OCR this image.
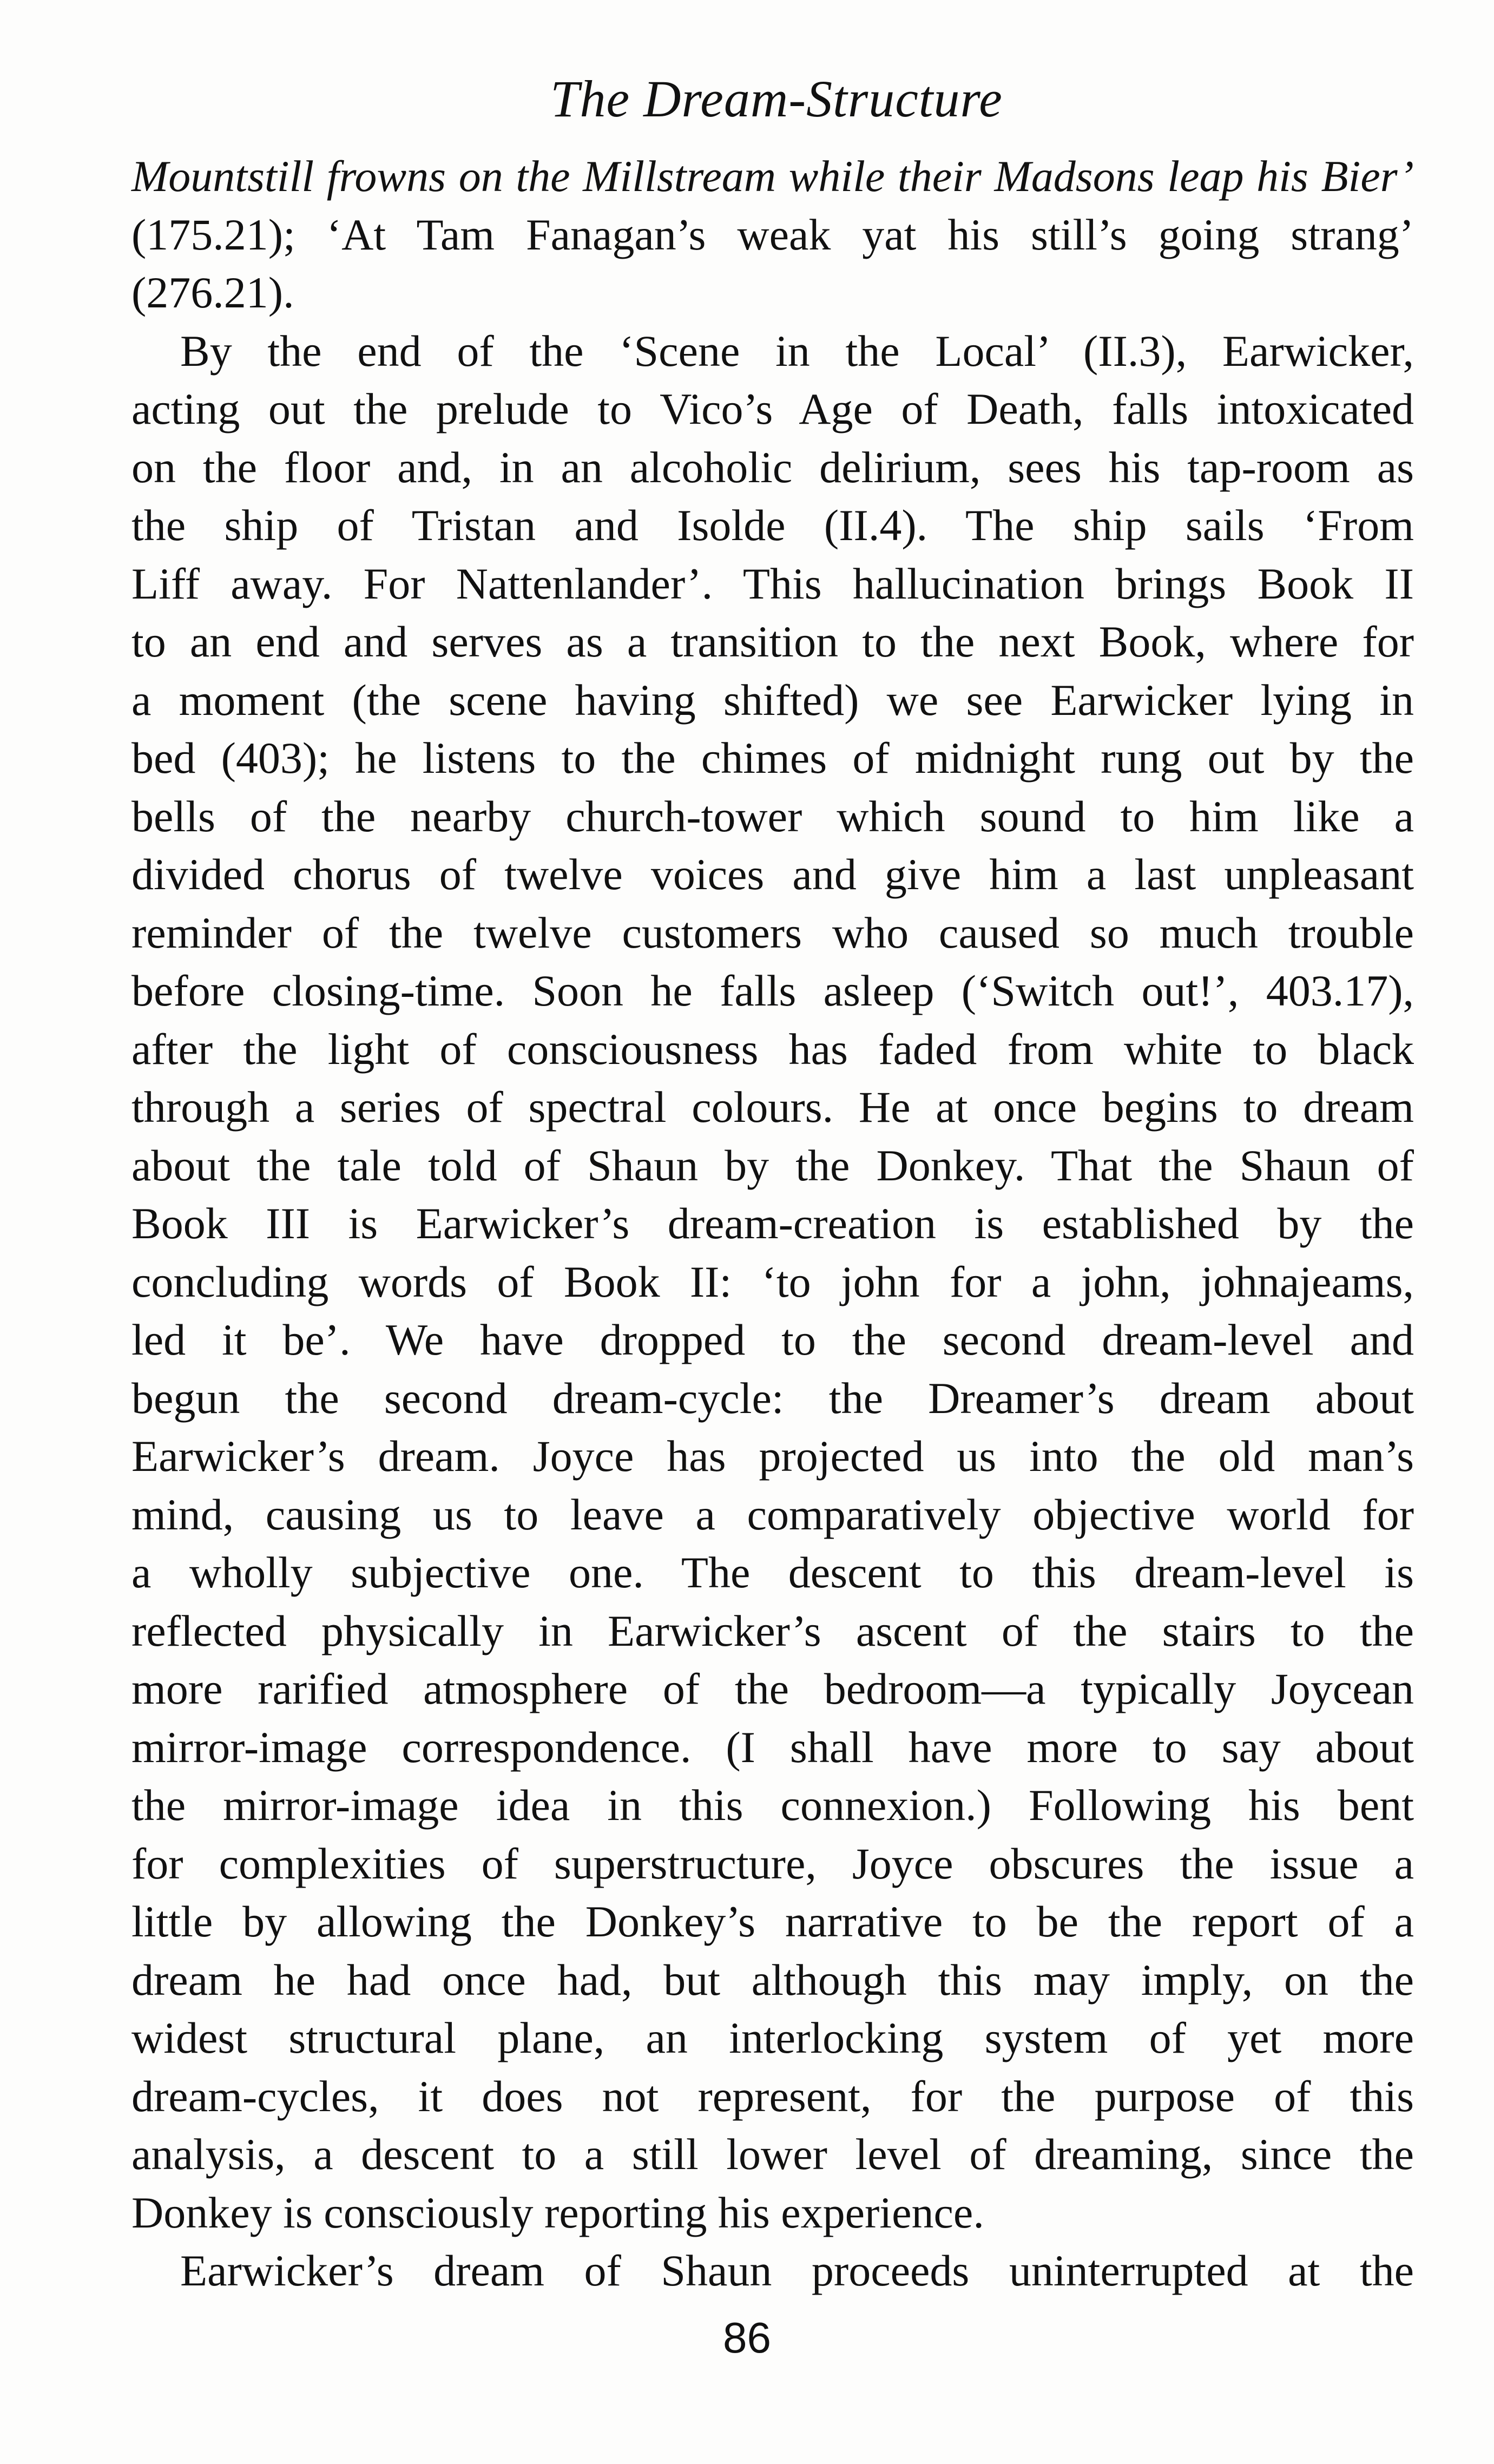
The Dream-Structure
Mountstill frowns on the Millstream while their Madsons leap his Bier’
(175.21); ‘At Tam Fanagan’s weak yat his still’s going strang’
(276.21).
By the end of the ‘Scene in the Local’ (II.3), Earwicker,
acting out the prelude to Vico’s Age of Death, falls intoxicated
on the floor and, in an alcoholic delirium, sees his tap-room as
the ship of Tristan and Isolde (II.4). The ship sails ‘From
Liff away. For Nattenlander’. This hallucination brings Book II
to an end and serves as a transition to the next Book, where for
a moment (the scene having shifted) we see Earwicker lying in
bed (403); he listens to the chimes of midnight rung out by the
bells of the nearby church-tower which sound to him like a
divided chorus of twelve voices and give him a last unpleasant
reminder of the twelve customers who caused so much trouble
before closing-time. Soon he falls asleep (‘Switch out!’, 403.17),
after the light of consciousness has faded from white to black
through a series of spectral colours. He at once begins to dream
about the tale told of Shaun by the Donkey. That the Shaun of
Book III is Earwicker’s dream-creation is established by the
concluding words of Book II: ‘to john for a john, johnajeams,
led it be’. We have dropped to the second dream-level and
begun the second dream-cycle: the Dreamer’s dream about
Earwicker’s dream. Joyce has projected us into the old man’s
mind, causing us to leave a comparatively objective world for
a wholly subjective one. The descent to this dream-level is
reflected physically in Earwicker’s ascent of the stairs to the
more rarified atmosphere of the bedroom—a typically Joycean
mirror-image correspondence. (I shall have more to say about
the mirror-image idea in this connexion.) Following his bent
for complexities of superstructure, Joyce obscures the issue a
little by allowing the Donkey’s narrative to be the report of a
dream he had once had, but although this may imply, on the
widest structural plane, an interlocking system of yet more
dream-cycles, it does not represent, for the purpose of this
analysis, a descent to a still lower level of dreaming, since the
Donkey is consciously reporting his experience.
Earwicker’s dream of Shaun proceeds uninterrupted at the
86
